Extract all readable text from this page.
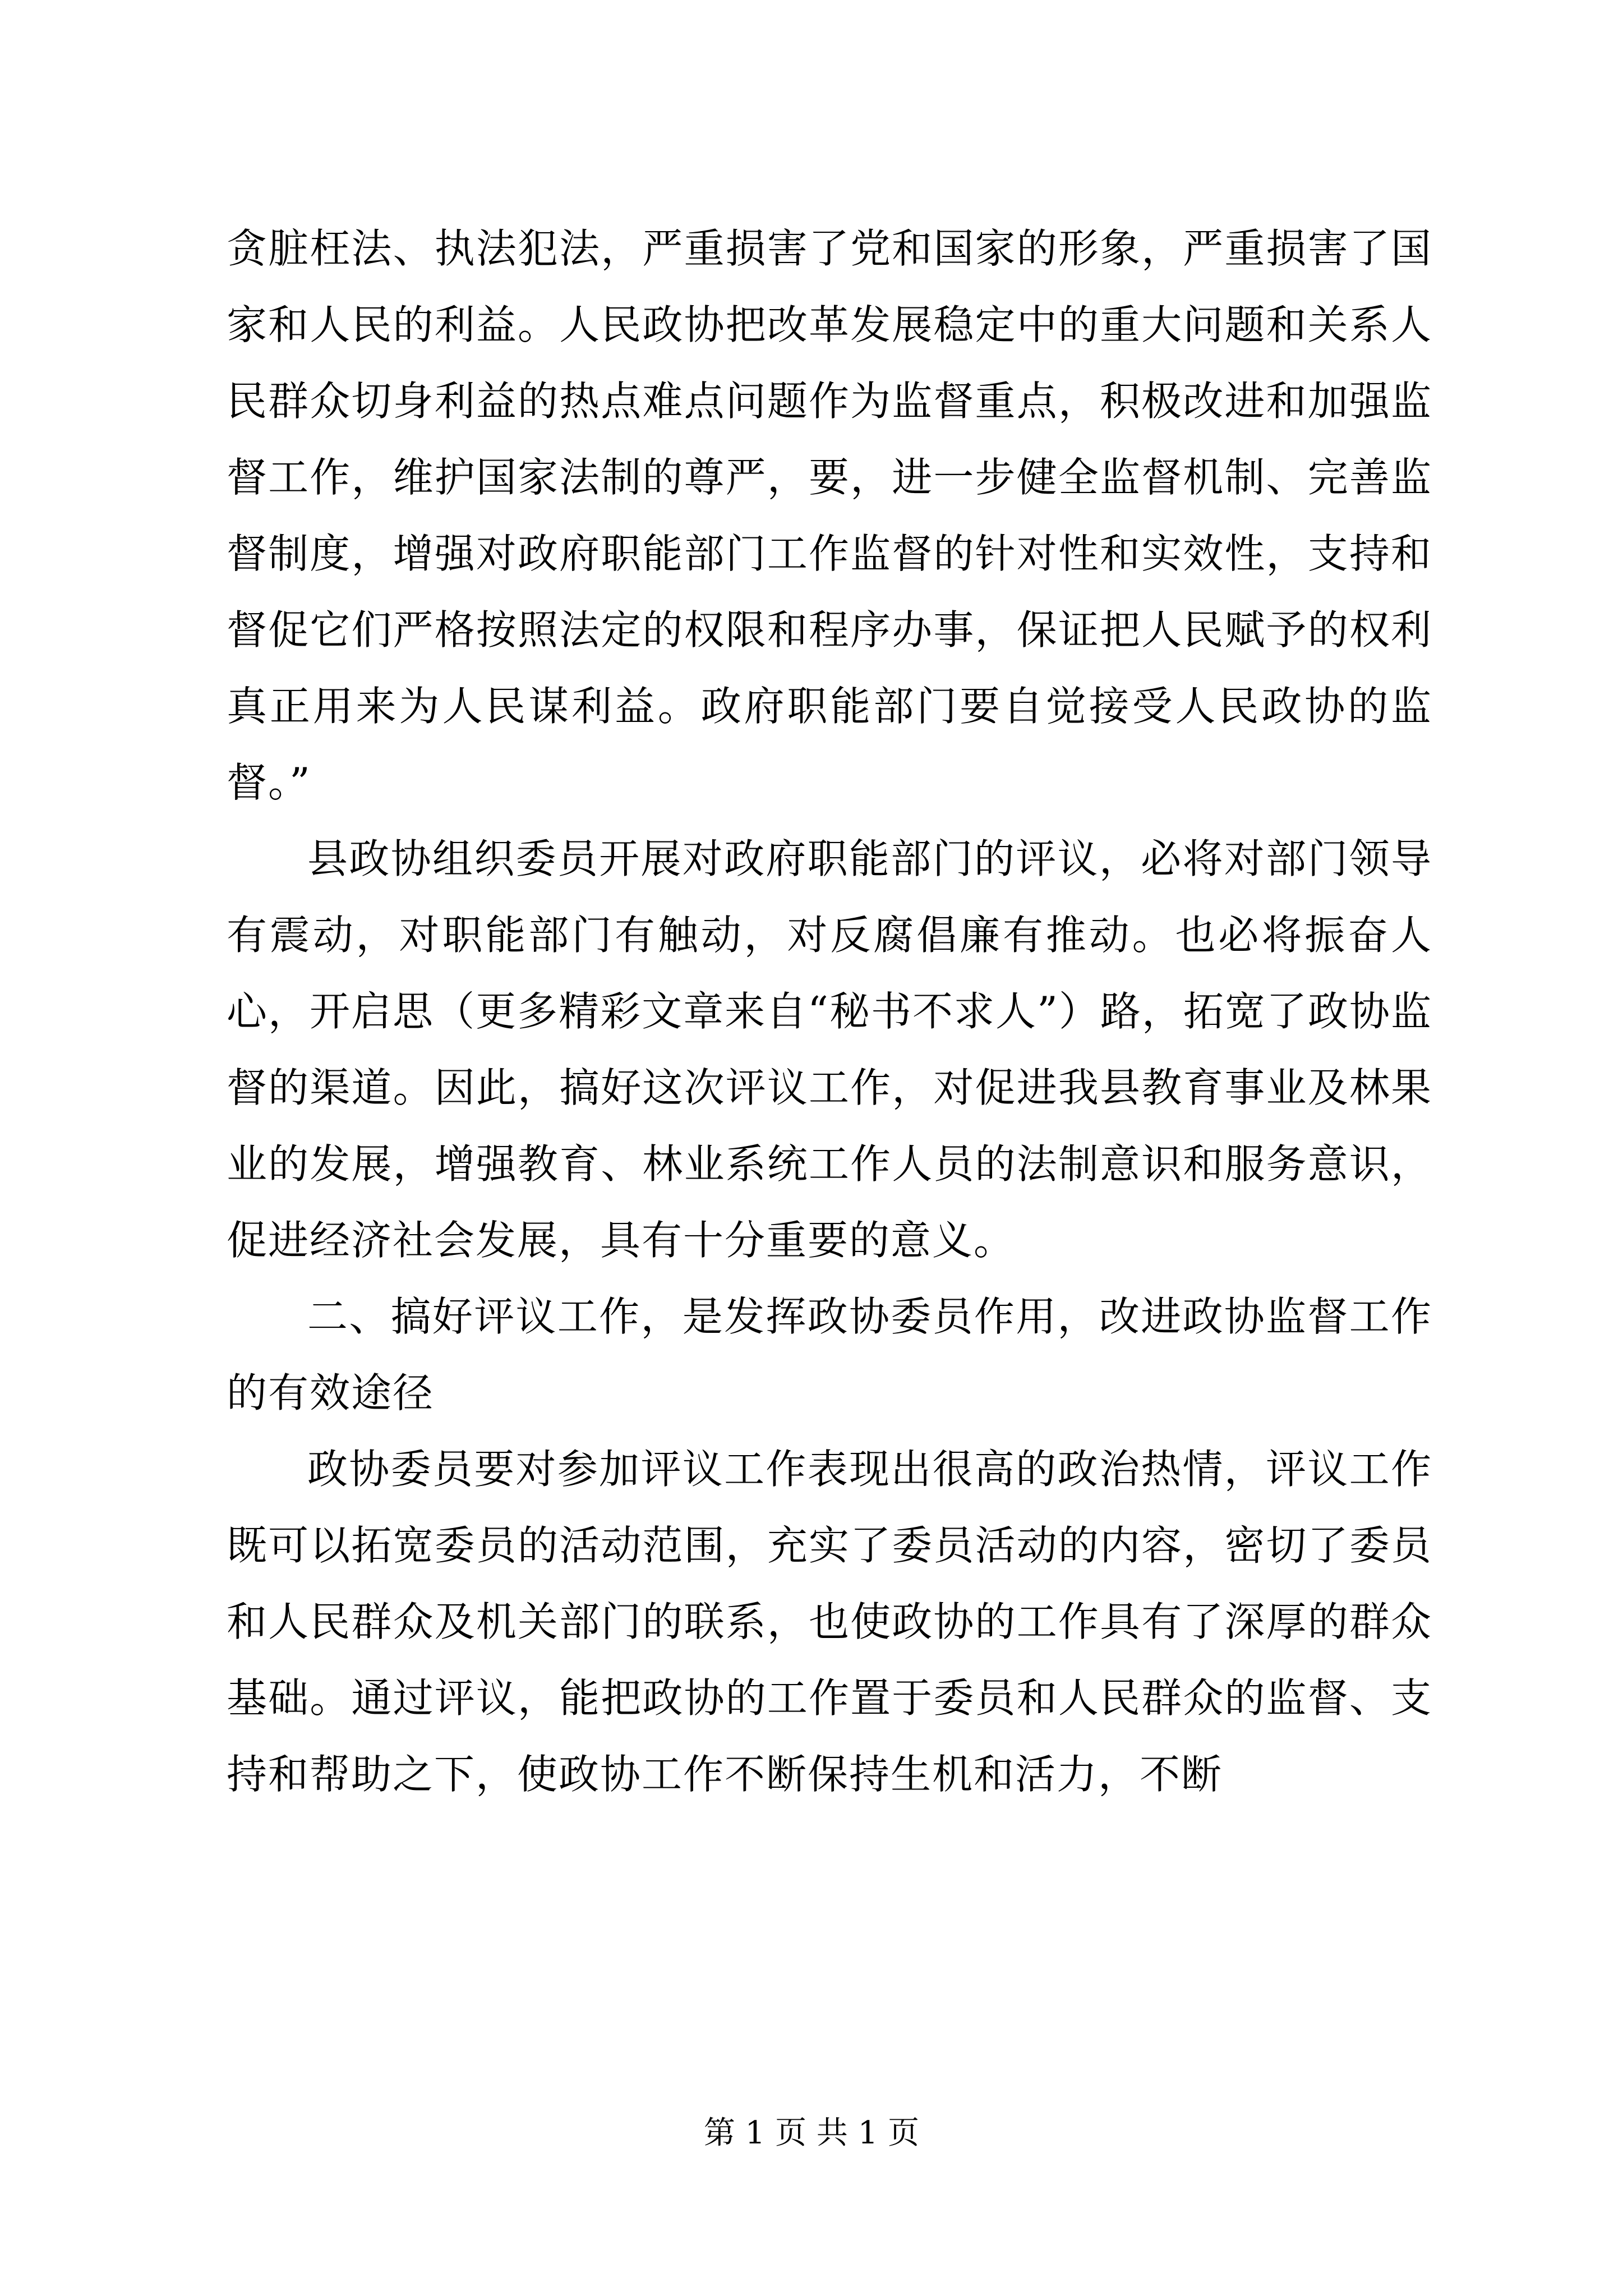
贪脏枉法、执法犯法，严重损害了党和国家的形象，严重损害了国家和人民的利益。人民政协把改革发展稳定中的重大问题和关系人民群众切身利益的热点难点问题作为监督重点，积极改进和加强监督工作，维护国家法制的尊严，要，进一步健全监督机制、完善监督制度，增强对政府职能部门工作监督的针对性和实效性，支持和督促它们严格按照法定的权限和程序办事，保证把人民赋予的权利真正用来为人民谋利益。政府职能部门要自觉接受人民政协的监督。”

县政协组织委员开展对政府职能部门的评议，必将对部门领导有震动，对职能部门有触动，对反腐倡廉有推动。也必将振奋人心，开启思（更多精彩文章来自“秘书不求人”）路，拓宽了政协监督的渠道。因此，搞好这次评议工作，对促进我县教育事业及林果业的发展，增强教育、林业系统工作人员的法制意识和服务意识，促进经济社会发展，具有十分重要的意义。

二、搞好评议工作，是发挥政协委员作用，改进政协监督工作的有效途径

政协委员要对参加评议工作表现出很高的政治热情，评议工作既可以拓宽委员的活动范围，充实了委员活动的内容，密切了委员和人民群众及机关部门的联系，也使政协的工作具有了深厚的群众基础。通过评议，能把政协的工作置于委员和人民群众的监督、支持和帮助之下，使政协工作不断保持生机和活力，不断

第 1 页 共 1 页
